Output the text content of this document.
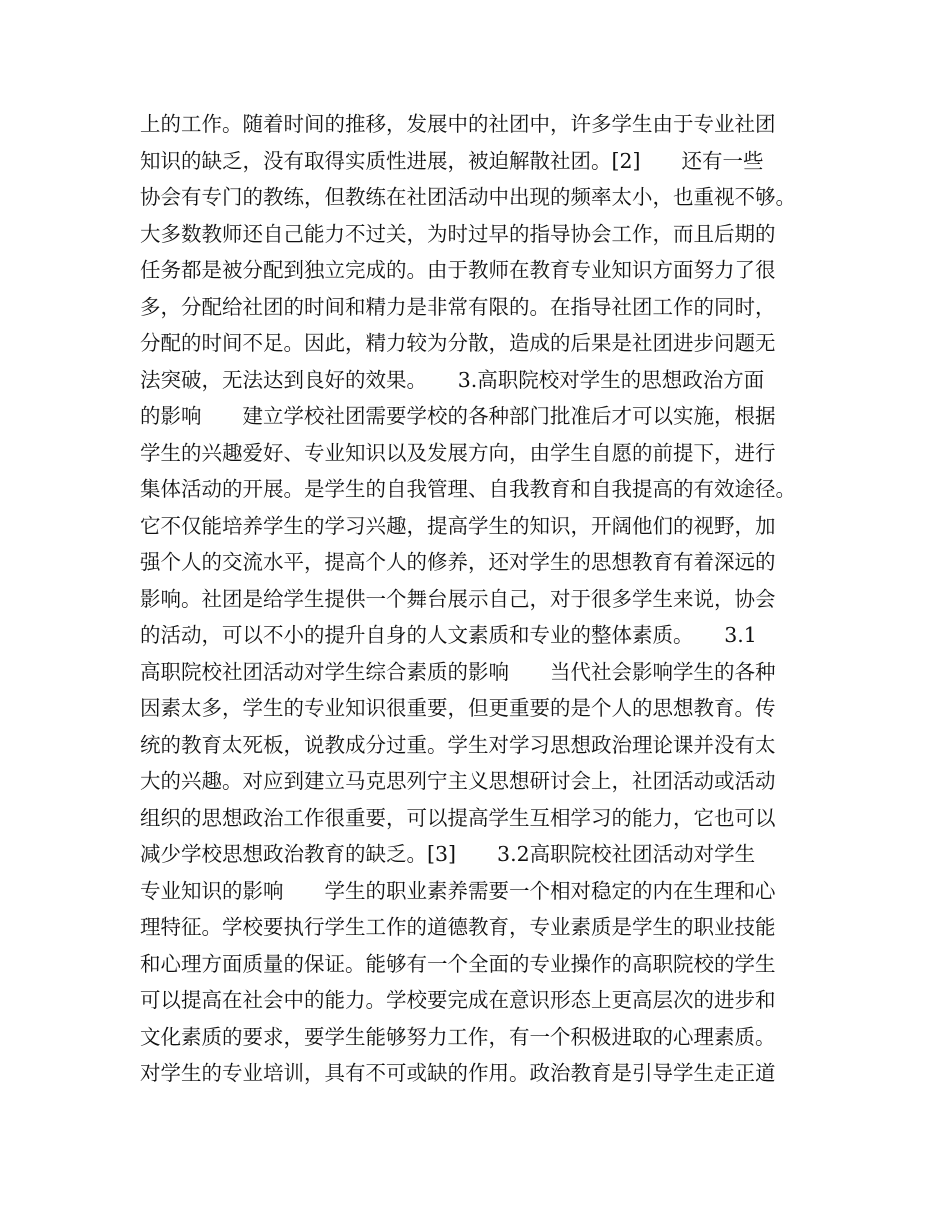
上的工作。随着时间的推移，发展中的社团中，许多学生由于专业社团
知识的缺乏，没有取得实质性进展，被迫解散社团。[2]　　还有一些
协会有专门的教练，但教练在社团活动中出现的频率太小，也重视不够。
大多数教师还自己能力不过关，为时过早的指导协会工作，而且后期的
任务都是被分配到独立完成的。由于教师在教育专业知识方面努力了很
多，分配给社团的时间和精力是非常有限的。在指导社团工作的同时，
分配的时间不足。因此，精力较为分散，造成的后果是社团进步问题无
法突破，无法达到良好的效果。　　3.高职院校对学生的思想政治方面
的影响　　建立学校社团需要学校的各种部门批准后才可以实施，根据
学生的兴趣爱好、专业知识以及发展方向，由学生自愿的前提下，进行
集体活动的开展。是学生的自我管理、自我教育和自我提高的有效途径。
它不仅能培养学生的学习兴趣，提高学生的知识，开阔他们的视野，加
强个人的交流水平，提高个人的修养，还对学生的思想教育有着深远的
影响。社团是给学生提供一个舞台展示自己，对于很多学生来说，协会
的活动，可以不小的提升自身的人文素质和专业的整体素质。　　3.1
高职院校社团活动对学生综合素质的影响　　当代社会影响学生的各种
因素太多，学生的专业知识很重要，但更重要的是个人的思想教育。传
统的教育太死板，说教成分过重。学生对学习思想政治理论课并没有太
大的兴趣。对应到建立马克思列宁主义思想研讨会上，社团活动或活动
组织的思想政治工作很重要，可以提高学生互相学习的能力，它也可以
减少学校思想政治教育的缺乏。[3]　　3.2高职院校社团活动对学生
专业知识的影响　　学生的职业素养需要一个相对稳定的内在生理和心
理特征。学校要执行学生工作的道德教育，专业素质是学生的职业技能
和心理方面质量的保证。能够有一个全面的专业操作的高职院校的学生
可以提高在社会中的能力。学校要完成在意识形态上更高层次的进步和
文化素质的要求，要学生能够努力工作，有一个积极进取的心理素质。
对学生的专业培训，具有不可或缺的作用。政治教育是引导学生走正道
